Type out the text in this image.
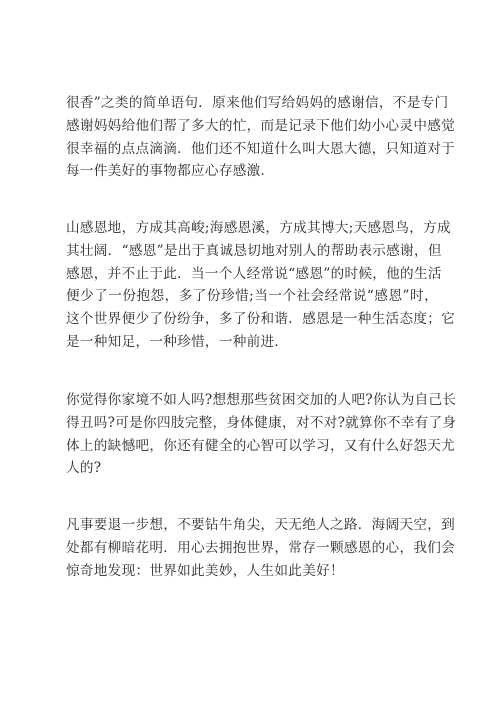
很香”之类的简单语句．原来他们写给妈妈的感谢信，不是专门
感谢妈妈给他们帮了多大的忙，而是记录下他们幼小心灵中感觉
很幸福的点点滴滴．他们还不知道什么叫大恩大德，只知道对于
每一件美好的事物都应心存感激．
山感恩地，方成其高峻;海感恩溪，方成其博大;天感恩鸟，方成
其壮阔．“感恩”是出于真诚恳切地对别人的帮助表示感谢，但
感恩，并不止于此．当一个人经常说“感恩”的时候，他的生活
便少了一份抱怨，多了份珍惜;当一个社会经常说“感恩”时，
这个世界便少了份纷争，多了份和谐．感恩是一种生活态度；它
是一种知足，一种珍惜，一种前进．
你觉得你家境不如人吗?想想那些贫困交加的人吧?你认为自己长
得丑吗?可是你四肢完整，身体健康，对不对?就算你不幸有了身
体上的缺憾吧，你还有健全的心智可以学习，又有什么好怨天尤
人的?
凡事要退一步想，不要钻牛角尖，天无绝人之路．海阔天空，到
处都有柳暗花明．用心去拥抱世界，常存一颗感恩的心，我们会
惊奇地发现：世界如此美妙，人生如此美好！
